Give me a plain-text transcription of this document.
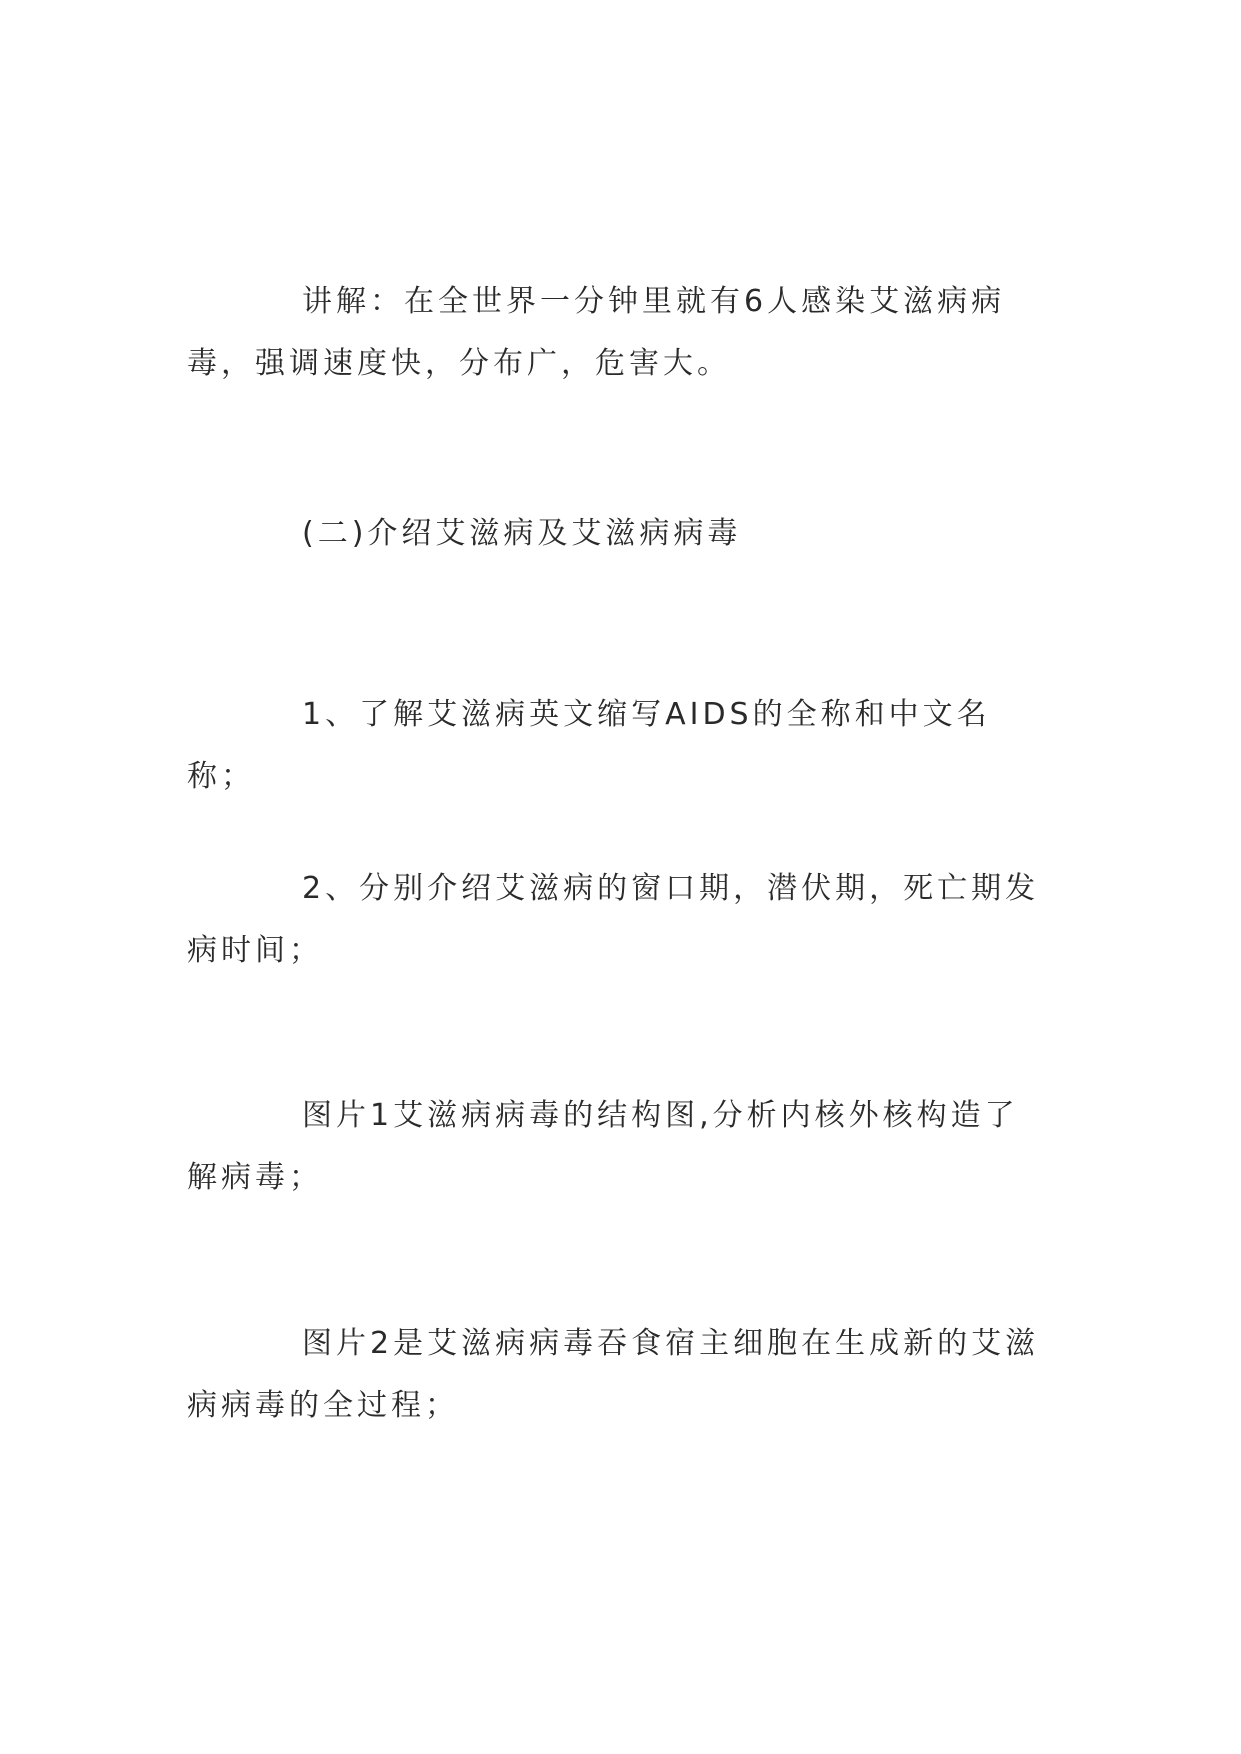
讲解：在全世界一分钟里就有6人感染艾滋病病毒，强调速度快，分布广，危害大。

(二)介绍艾滋病及艾滋病病毒

1、了解艾滋病英文缩写AIDS的全称和中文名称；

2、分别介绍艾滋病的窗口期，潜伏期，死亡期发病时间；

图片1艾滋病病毒的结构图,分析内核外核构造了解病毒；

图片2是艾滋病病毒吞食宿主细胞在生成新的艾滋病病毒的全过程；
